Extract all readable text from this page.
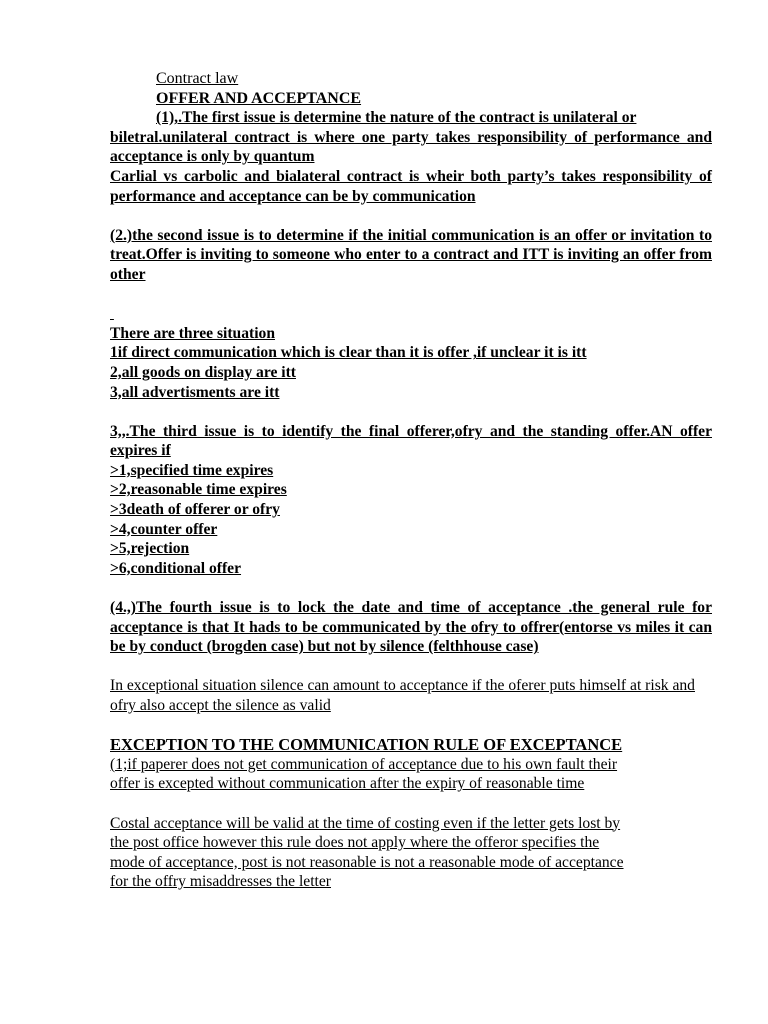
Contract law

OFFER AND ACCEPTANCE

(1),.The first issue is determine the nature of the contract is unilateral or

biletral.unilateral contract is where one party takes responsibility of performance and acceptance is only by quantum

Carlial vs carbolic and bialateral contract is wheir both party’s takes responsibility of performance and acceptance can be by communication

(2.)the second issue is to determine if the initial communication is an offer or invitation to treat.Offer is inviting to someone who enter to a contract and ITT is inviting an offer from other

There are three situation

1if direct communication which is clear than it is offer ,if unclear it is itt

2,all goods on display are itt

3,all advertisments are itt

3,,.The third issue is to identify the final offerer,ofry and the standing offer.AN offer expires if

>1,specified time expires

>2,reasonable time expires

>3death of offerer or ofry

>4,counter offer

>5,rejection

>6,conditional offer

(4.,)The fourth issue is to lock the date and time of acceptance .the general rule for acceptance is that It hads to be communicated by the ofry to offrer(entorse vs miles it can be by conduct (brogden case) but not by silence (felthhouse case)

In exceptional situation silence can amount to acceptance if the oferer puts himself at risk and ofry also accept the silence as valid

EXCEPTION TO THE COMMUNICATION RULE OF EXCEPTANCE

(1;if paperer does not get communication of acceptance due to his own fault their

offer is excepted without communication after the expiry of reasonable time

Costal acceptance will be valid at the time of costing even if the letter gets lost by

the post office however this rule does not apply where the offeror specifies the

mode of acceptance, post is not reasonable is not a reasonable mode of acceptance

for the offry misaddresses the letter
